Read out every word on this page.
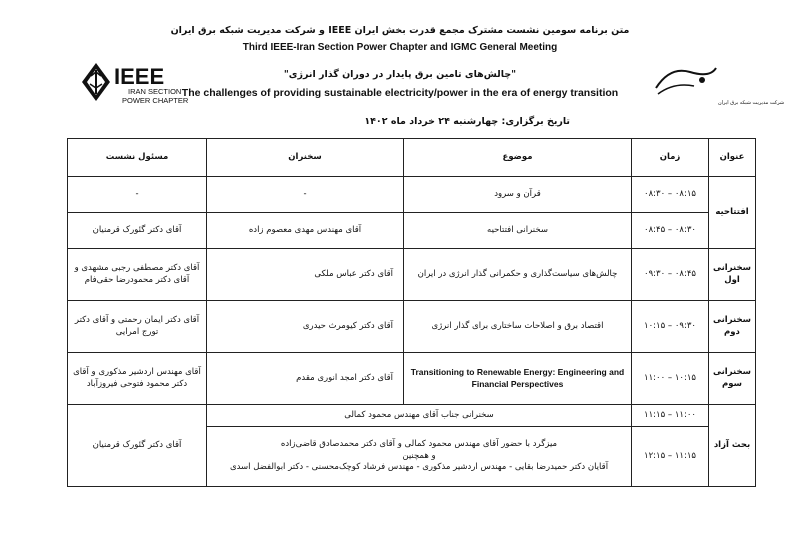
متن برنامه سومین نشست مشترک مجمع قدرت بخش ایران IEEE و شرکت مدیریت شبکه برق ایران
Third IEEE-Iran Section Power Chapter and IGMC General Meeting
"چالش‌های تامین برق پایدار در دوران گذار انرژی"
The challenges of providing sustainable electricity/power in the era of energy transition
تاریخ برگزاری: چهارشنبه ۲۴ خرداد ماه ۱۴۰۲
IEEE
IRAN SECTION
POWER CHAPTER	شرکت مدیریت شبکه برق ایران
عنوان	زمان	موضوع	سخنران	مسئول نشست
افتتاحیه	۰۸:۱۵ – ۰۸:۳۰	قرآن و سرود	-	-
	۰۸:۳۰ – ۰۸:۴۵	سخنرانی افتتاحیه	آقای مهندس مهدی معصوم زاده	آقای دکتر گئورک قرمنیان
سخنرانی اول	۰۸:۴۵ – ۰۹:۳۰	چالش‌های سیاست‌گذاری و حکمرانی گذار انرژی در ایران	آقای دکتر عباس ملکی	آقای دکتر مصطفی رجبی مشهدی و آقای دکتر محمودرضا حقی‌فام
سخنرانی دوم	۰۹:۳۰ – ۱۰:۱۵	اقتصاد برق و اصلاحات ساختاری برای گذار انرژی	آقای دکتر کیومرث حیدری	آقای دکتر ایمان رحمتی و آقای دکتر تورج امرایی
سخنرانی سوم	۱۰:۱۵ – ۱۱:۰۰	Transitioning to Renewable Energy: Engineering and Financial Perspectives	آقای دکتر امجد انوری مقدم	آقای مهندس اردشیر مذکوری و آقای دکتر محمود فتوحی فیروزآباد
بحث آزاد	۱۱:۰۰ – ۱۱:۱۵	سخنرانی جناب آقای مهندس محمود کمالی		آقای دکتر گئورک قرمنیان
	۱۱:۱۵ – ۱۲:۱۵	میزگرد با حضور آقای مهندس محمود کمالی و آقای دکتر محمدصادق قاضی‌زاده
و همچنین
آقایان دکتر حمیدرضا بقایی - مهندس اردشیر مذکوری - مهندس فرشاد کوچک‌محسنی - دکتر ابوالفضل اسدی		
